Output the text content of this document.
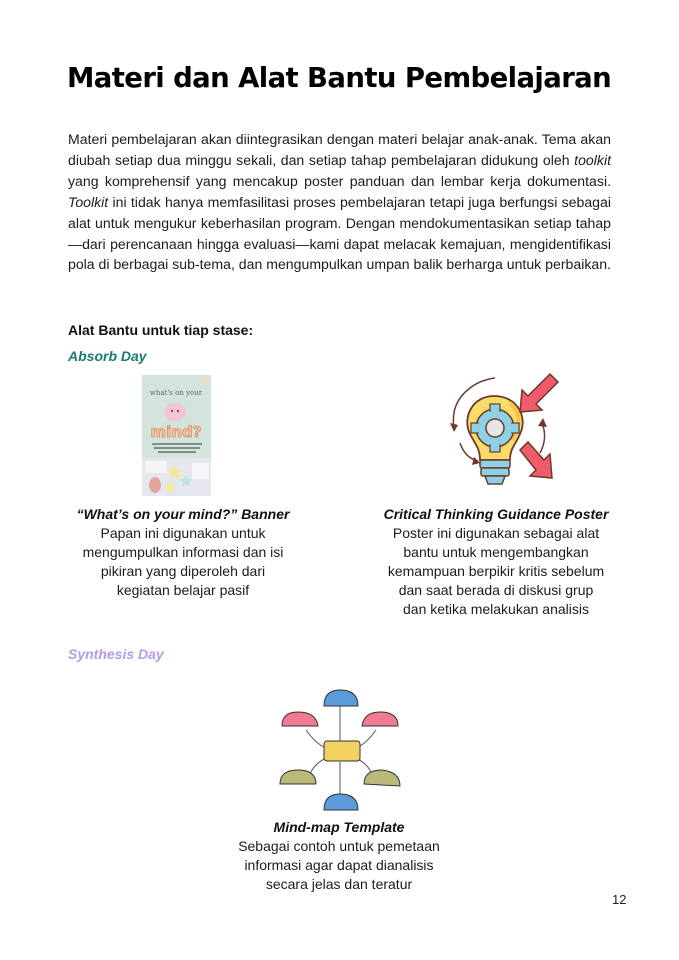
Materi dan Alat Bantu Pembelajaran

Materi pembelajaran akan diintegrasikan dengan materi belajar anak-anak. Tema akan diubah setiap dua minggu sekali, dan setiap tahap pembelajaran didukung oleh toolkit yang komprehensif yang mencakup poster panduan dan lembar kerja dokumentasi. Toolkit ini tidak hanya memfasilitasi proses pembelajaran tetapi juga berfungsi sebagai alat untuk mengukur keberhasilan program. Dengan mendokumentasikan setiap tahap—dari perencanaan hingga evaluasi—kami dapat melacak kemajuan, mengidentifikasi pola di berbagai sub-tema, dan mengumpulkan umpan balik berharga untuk perbaikan.

Alat Bantu untuk tiap stase:

Absorb Day

what's on your
mind?
“What’s on your mind?” Banner
Papan ini digunakan untuk
mengumpulkan informasi dan isi
pikiran yang diperoleh dari
kegiatan belajar pasif
Critical Thinking Guidance Poster
Poster ini digunakan sebagai alat
bantu untuk mengembangkan
kemampuan berpikir kritis sebelum
dan saat berada di diskusi grup
dan ketika melakukan analisis

Synthesis Day

Mind-map Template
Sebagai contoh untuk pemetaan
informasi agar dapat dianalisis
secara jelas dan teratur

12
